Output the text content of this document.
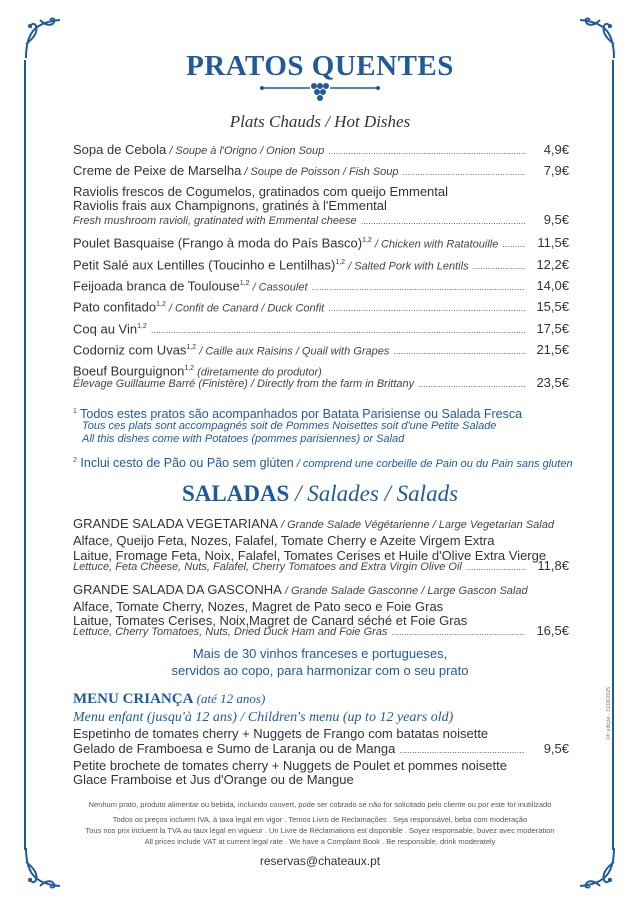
PRATOS QUENTES
Plats Chauds / Hot Dishes
Sopa de Cebola / Soupe à l'Origno / Onion Soup .....	4,9€
Creme de Peixe de Marselha / Soupe de Poisson / Fish Soup .....	7,9€
Raviolis frescos de Cogumelos, gratinados com queijo Emmental
Raviolis frais aux Champignons, gratinés à l'Emmental
Fresh mushroom ravioli, gratinated with Emmental cheese .....	9,5€
Poulet Basquaise (Frango à moda do País Basco)$^{1,2}$ / Chicken with Ratatouille .....	11,5€
Petit Salé aux Lentilles (Toucinho e Lentilhas)$^{1,2}$ / Salted Pork with Lentils .....	12,2€
Feijoada branca de Toulouse$^{1,2}$ / Cassoulet .....	14,0€
Pato confitado$^{1,2}$ / Confit de Canard / Duck Confit .....	15,5€
Coq au Vin$^{1,2}$ .....	17,5€
Codorniz com Uvas$^{1,2}$ / Caille aux Raisins / Quail with Grapes .....	21,5€
Boeuf Bourguignon$^{1,2}$ (diretamente do produtor)
Élevage Guillaume Barré (Finistère) / Directly from the farm in Brittany .....	23,5€
$^1$ Todos estes pratos são acompanhados por Batata Parisiense ou Salada Fresca
Tous ces plats sont accompagnés soit de Pommes Noisettes soit d'une Petite Salade
All this dishes come with Potatoes (pommes parisiennes) or Salad
$^2$ Inclui cesto de Pão ou Pão sem glúten / comprend une corbeille de Pain ou du Pain sans gluten
SALADAS / Salades / Salads
GRANDE SALADA VEGETARIANA / Grande Salade Végétarienne / Large Vegetarian Salad
Alface, Queijo Feta, Nozes, Falafel, Tomate Cherry e Azeite Virgem Extra
Laitue, Fromage Feta, Noix, Falafel, Tomates Cerises et Huile d'Olive Extra Vierge
Lettuce, Feta Cheese, Nuts, Falafel, Cherry Tomatoes and Extra Virgin Olive Oil .....	11,8€
GRANDE SALADA DA GASCONHA / Grande Salade Gasconne / Large Gascon Salad
Alface, Tomate Cherry, Nozes, Magret de Pato seco e Foie Gras
Laitue, Tomates Cerises, Noix,Magret de Canard séché et Foie Gras
Lettuce, Cherry Tomatoes, Nuts, Dried Duck Ham and Foie Gras .....	16,5€
Mais de 30 vinhos franceses e portugueses,
servidos ao copo, para harmonizar com o seu prato
MENU CRIANÇA (até 12 anos)
Menu enfant (jusqu'à 12 ans) / Children's menu (up to 12 years old)
Espetinho de tomates cherry + Nuggets de Frango com batatas noisette
Gelado de Framboesa e Sumo de Laranja ou de Manga .....	9,5€
Petite brochete de tomates cherry + Nuggets de Poulet et pommes noisette
Glace Framboise et Jus d'Orange ou de Mangue
Nenhum prato, produto alimentar ou bebida, incluindo couvert, pode ser cobrado se não for solicitado pelo cliente ou por este for inutilizado
Todos os preços incluem IVA, à taxa legal em vigor . Temos Livro de Reclamações . Seja responsável, beba com moderação
Tous nos prix incluent la TVA au taux légal en vigueur . Un Livre de Réclamations est disponible . Soyez responsable, buvez avec moderation
All prices include VAT at current legal rate . We have a Complaint Book . Be responsible, drink moderately
reservas@chateaux.pt
14ª edição - 31/06/2025
